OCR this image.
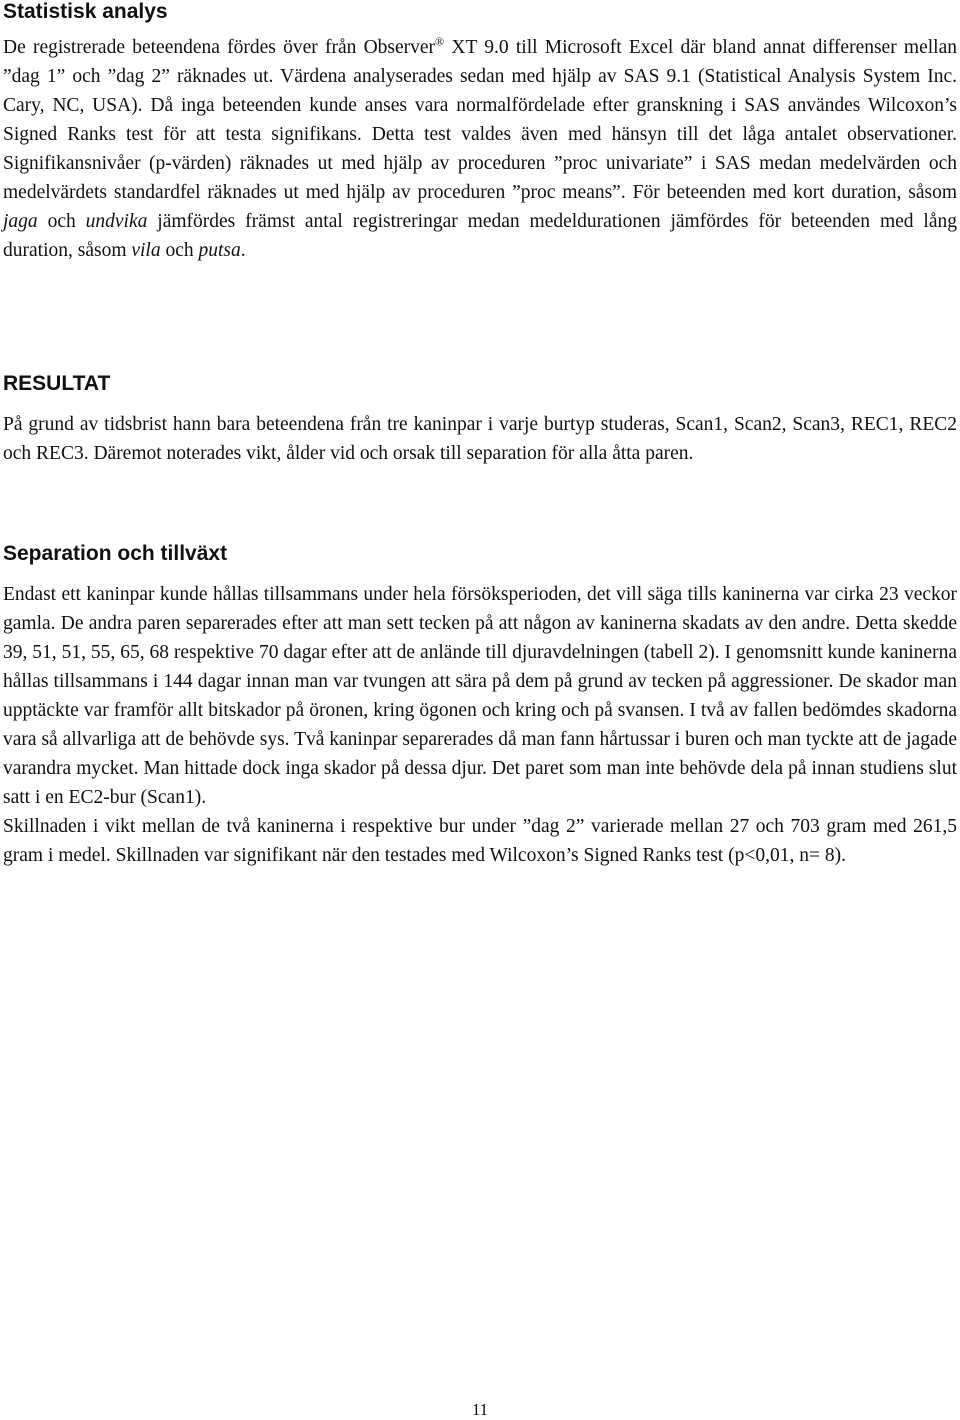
Statistisk analys

De registrerade beteendena fördes över från Observer® XT 9.0 till Microsoft Excel där bland annat differenser mellan ”dag 1” och ”dag 2” räknades ut. Värdena analyserades sedan med hjälp av SAS 9.1 (Statistical Analysis System Inc. Cary, NC, USA). Då inga beteenden kunde anses vara normalfördelade efter granskning i SAS användes Wilcoxon’s Signed Ranks test för att testa signifikans. Detta test valdes även med hänsyn till det låga antalet observationer. Signifikansnivåer (p-värden) räknades ut med hjälp av proceduren ”proc univariate” i SAS medan medelvärden och medelvärdets standardfel räknades ut med hjälp av proceduren ”proc means”. För beteenden med kort duration, såsom jaga och undvika jämfördes främst antal registreringar medan medeldurationen jämfördes för beteenden med lång duration, såsom vila och putsa.

RESULTAT

På grund av tidsbrist hann bara beteendena från tre kaninpar i varje burtyp studeras, Scan1, Scan2, Scan3, REC1, REC2 och REC3. Däremot noterades vikt, ålder vid och orsak till separation för alla åtta paren.

Separation och tillväxt

Endast ett kaninpar kunde hållas tillsammans under hela försöksperioden, det vill säga tills kaninerna var cirka 23 veckor gamla. De andra paren separerades efter att man sett tecken på att någon av kaninerna skadats av den andre. Detta skedde 39, 51, 51, 55, 65, 68 respektive 70 dagar efter att de anlände till djuravdelningen (tabell 2). I genomsnitt kunde kaninerna hållas tillsammans i 144 dagar innan man var tvungen att sära på dem på grund av tecken på aggressioner. De skador man upptäckte var framför allt bitskador på öronen, kring ögonen och kring och på svansen. I två av fallen bedömdes skadorna vara så allvarliga att de behövde sys. Två kaninpar separerades då man fann hårtussar i buren och man tyckte att de jagade varandra mycket. Man hittade dock inga skador på dessa djur. Det paret som man inte behövde dela på innan studiens slut satt i en EC2-bur (Scan1).

Skillnaden i vikt mellan de två kaninerna i respektive bur under ”dag 2” varierade mellan 27 och 703 gram med 261,5 gram i medel. Skillnaden var signifikant när den testades med Wilcoxon’s Signed Ranks test (p<0,01, n= 8).

11
